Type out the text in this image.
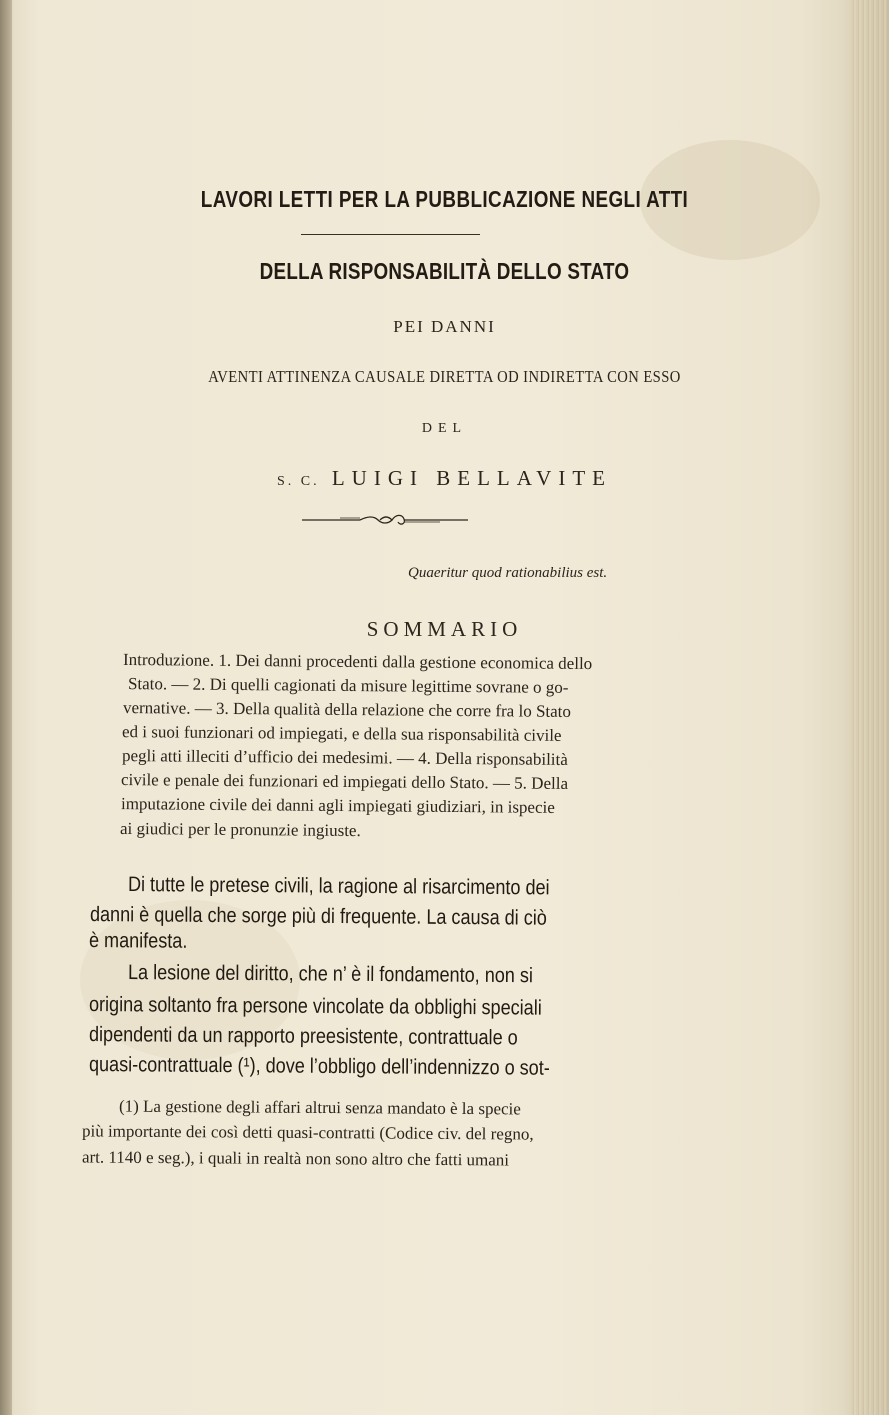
LAVORI LETTI PER LA PUBBLICAZIONE NEGLI ATTI
DELLA RISPONSABILITÀ DELLO STATO
PEI DANNI
AVENTI ATTINENZA CAUSALE DIRETTA OD INDIRETTA CON ESSO
DEL
S. C. LUIGI BELLAVITE
Quaeritur quod rationabilius est.
SOMMARIO
Introduzione. 1. Dei danni procedenti dalla gestione economica dello
Stato. — 2. Di quelli cagionati da misure legittime sovrane o go-
vernative. — 3. Della qualità della relazione che corre fra lo Stato
ed i suoi funzionari od impiegati, e della sua risponsabilità civile
pegli atti illeciti d’ufficio dei medesimi. — 4. Della risponsabilità
civile e penale dei funzionari ed impiegati dello Stato. — 5. Della
imputazione civile dei danni agli impiegati giudiziari, in ispecie
ai giudici per le pronunzie ingiuste.
Di tutte le pretese civili, la ragione al risarcimento dei
danni è quella che sorge più di frequente. La causa di ciò
è manifesta.
La lesione del diritto, che n’ è il fondamento, non si
origina soltanto fra persone vincolate da obblighi speciali
dipendenti da un rapporto preesistente, contrattuale o
quasi-contrattuale (¹), dove l’obbligo dell’indennizzo o sot-
(1) La gestione degli affari altrui senza mandato è la specie
più importante dei così detti quasi-contratti (Codice civ. del regno,
art. 1140 e seg.), i quali in realtà non sono altro che fatti umani
